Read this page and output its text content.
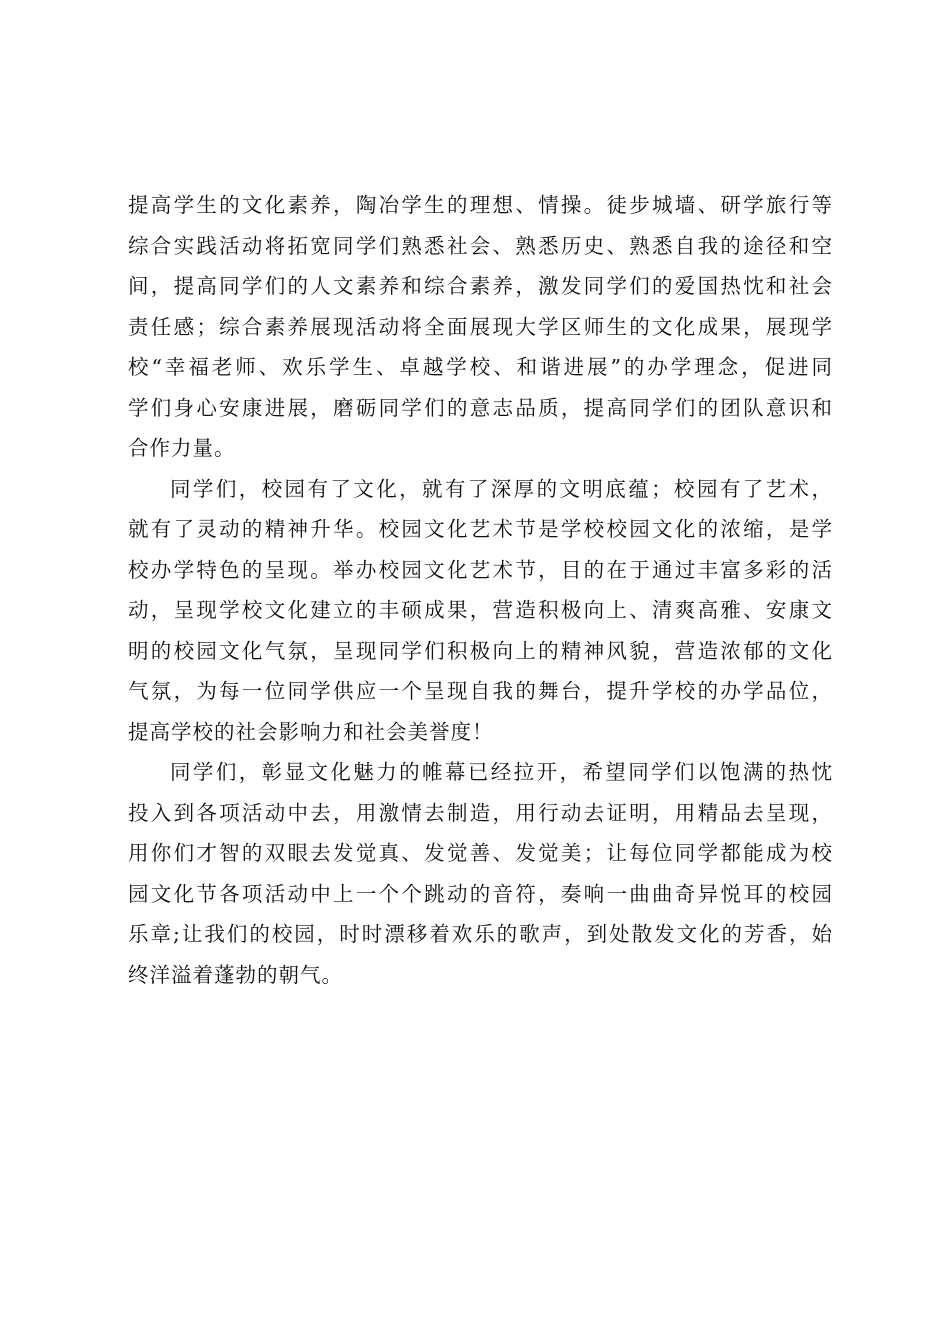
提高学生的文化素养，陶冶学生的理想、情操。徒步城墙、研学旅行等
综合实践活动将拓宽同学们熟悉社会、熟悉历史、熟悉自我的途径和空
间，提高同学们的人文素养和综合素养，激发同学们的爱国热忱和社会
责任感；综合素养展现活动将全面展现大学区师生的文化成果，展现学
校“幸福老师、欢乐学生、卓越学校、和谐进展”的办学理念，促进同
学们身心安康进展，磨砺同学们的意志品质，提高同学们的团队意识和
合作力量。
同学们，校园有了文化，就有了深厚的文明底蕴；校园有了艺术，
就有了灵动的精神升华。校园文化艺术节是学校校园文化的浓缩，是学
校办学特色的呈现。举办校园文化艺术节，目的在于通过丰富多彩的活
动，呈现学校文化建立的丰硕成果，营造积极向上、清爽高雅、安康文
明的校园文化气氛，呈现同学们积极向上的精神风貌，营造浓郁的文化
气氛，为每一位同学供应一个呈现自我的舞台，提升学校的办学品位，
提高学校的社会影响力和社会美誉度！
同学们，彰显文化魅力的帷幕已经拉开，希望同学们以饱满的热忱
投入到各项活动中去，用激情去制造，用行动去证明，用精品去呈现，
用你们才智的双眼去发觉真、发觉善、发觉美；让每位同学都能成为校
园文化节各项活动中上一个个跳动的音符，奏响一曲曲奇异悦耳的校园
乐章;让我们的校园，时时漂移着欢乐的歌声，到处散发文化的芳香，始
终洋溢着蓬勃的朝气。
